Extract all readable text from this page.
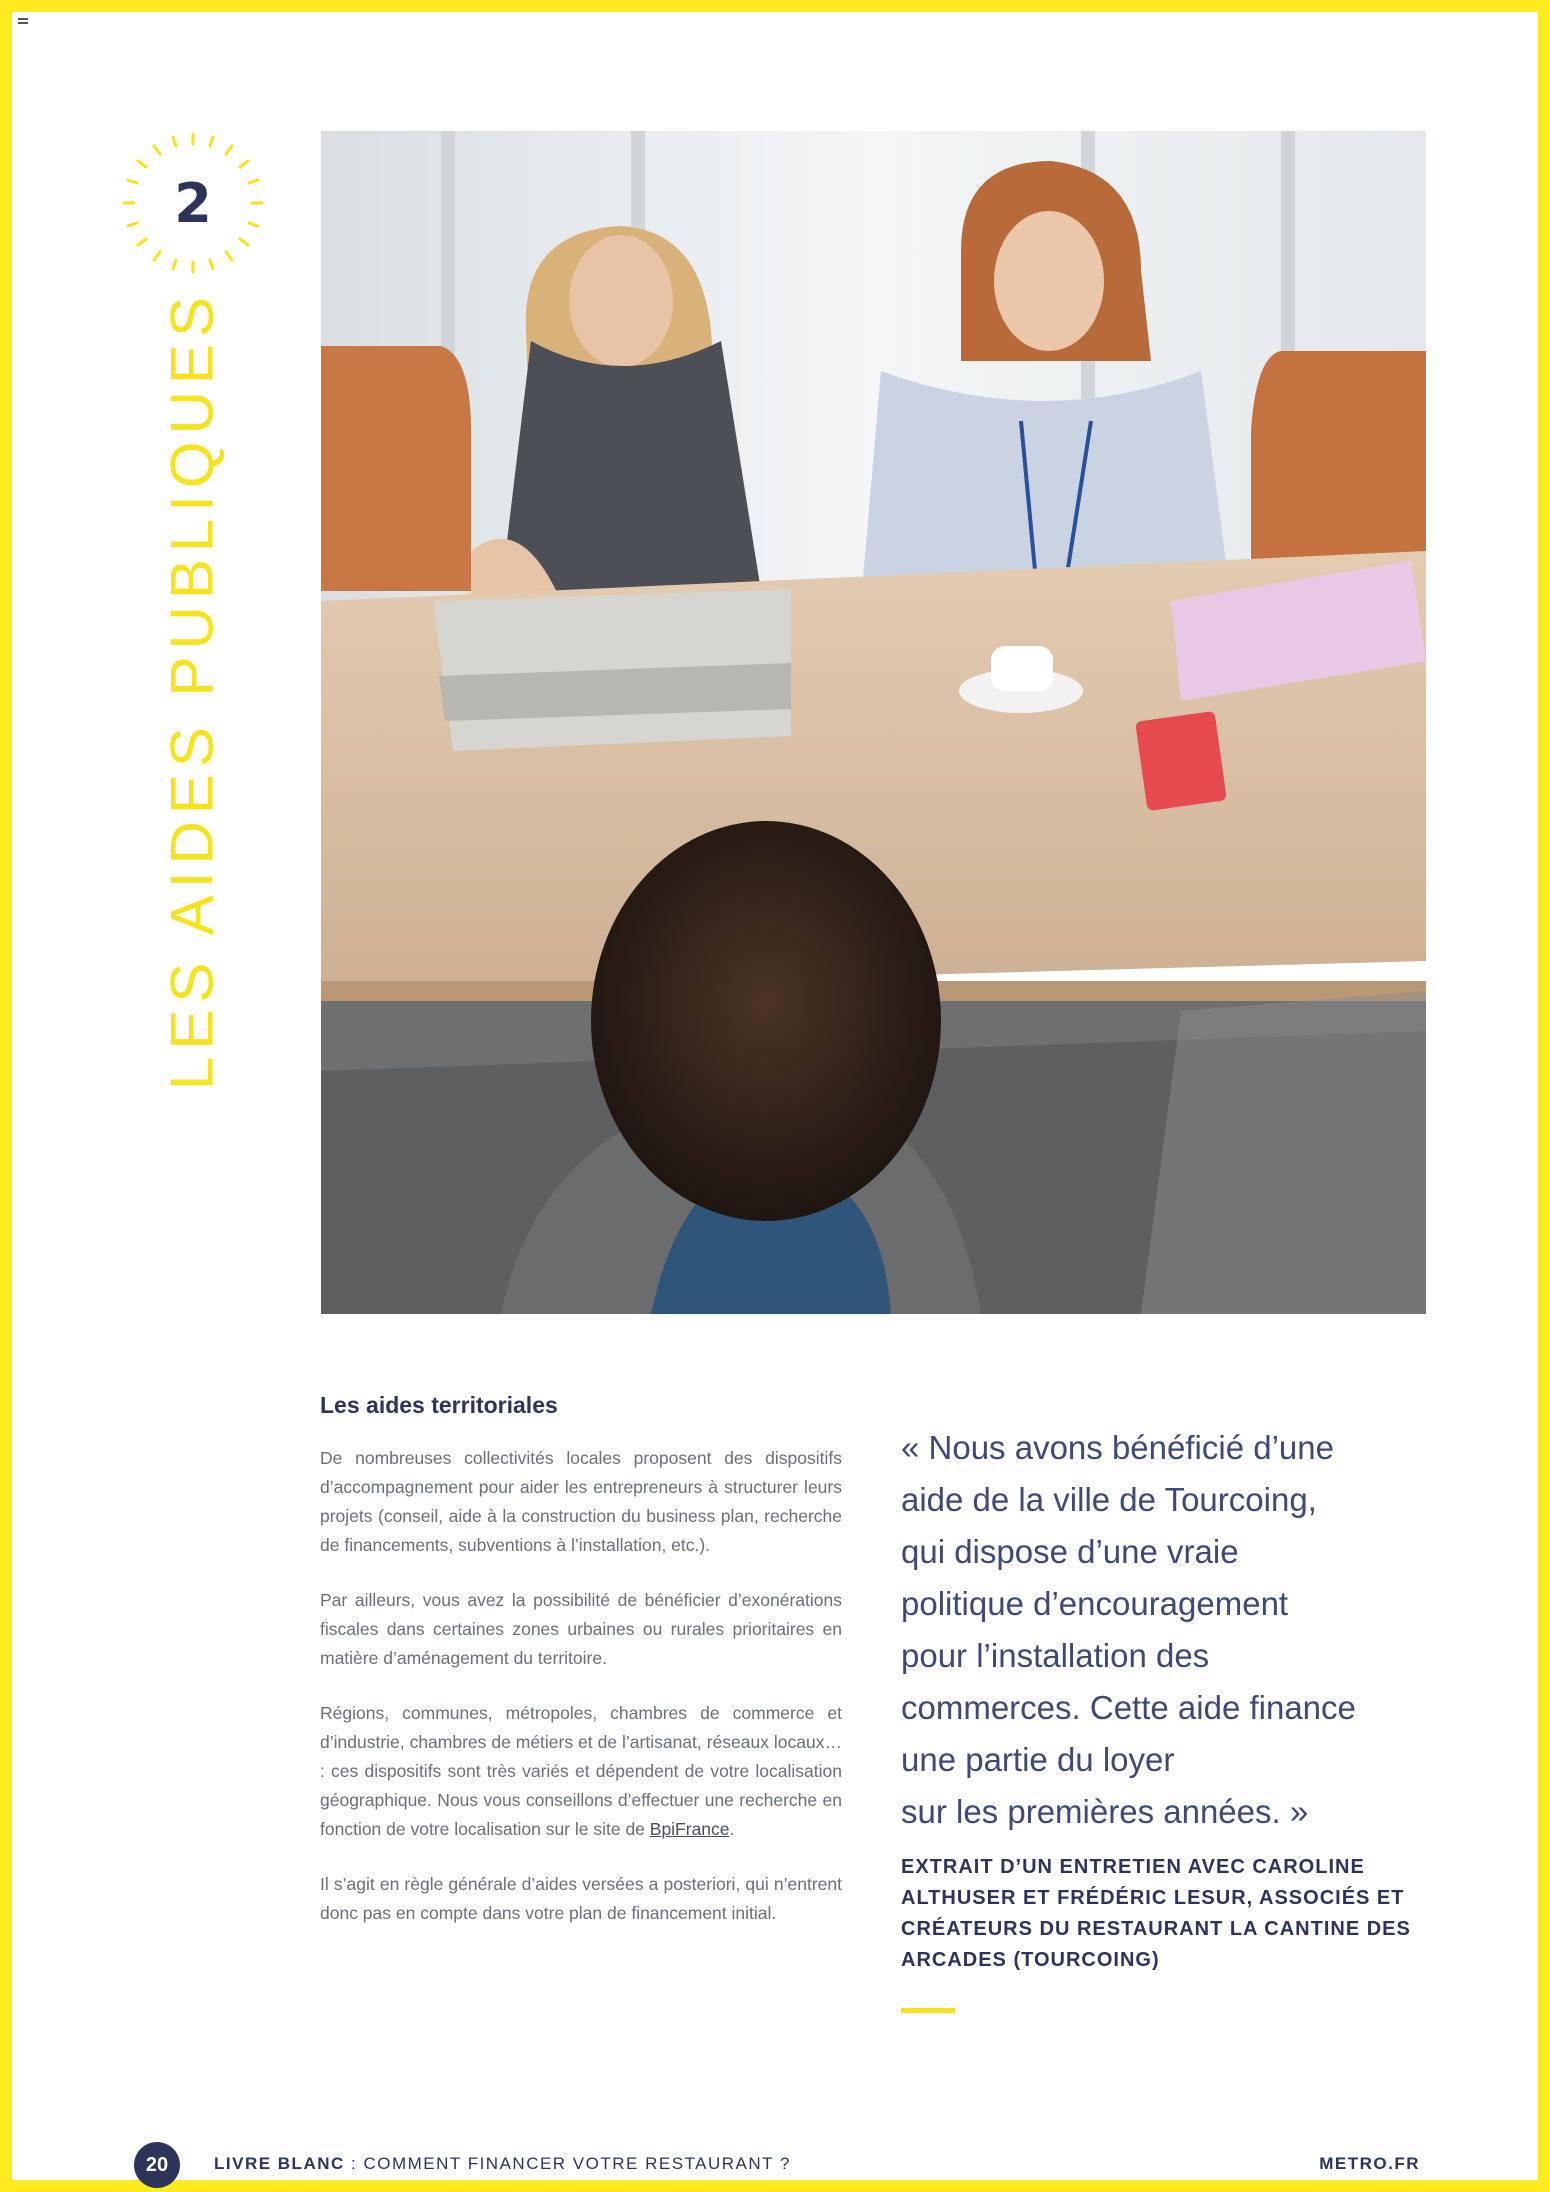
2
LES AIDES PUBLIQUES
Les aides territoriales

De nombreuses collectivités locales proposent des dispositifs d’accompagnement pour aider les entrepreneurs à structurer leurs projets (conseil, aide à la construction du business plan, recherche de financements, subventions à l’installation, etc.).

Par ailleurs, vous avez la possibilité de bénéficier d’exonérations fiscales dans certaines zones urbaines ou rurales prioritaires en matière d’aménagement du territoire.

Régions, communes, métropoles, chambres de commerce et d’industrie, chambres de métiers et de l’artisanat, réseaux locaux… : ces dispositifs sont très variés et dépendent de votre localisation géographique. Nous vous conseillons d’effectuer une recherche en fonction de votre localisation sur le site de BpiFrance.

Il s’agit en règle générale d’aides versées a posteriori, qui n’entrent donc pas en compte dans votre plan de financement initial.

« Nous avons bénéficié d’une
aide de la ville de Tourcoing,
qui dispose d’une vraie
politique d’encouragement
pour l’installation des
commerces. Cette aide finance
une partie du loyer
sur les premières années. »

EXTRAIT D’UN ENTRETIEN AVEC CAROLINE ALTHUSER ET FRÉDÉRIC LESUR, ASSOCIÉS ET CRÉATEURS DU RESTAURANT LA CANTINE DES ARCADES (TOURCOING)
20	LIVRE BLANC : COMMENT FINANCER VOTRE RESTAURANT ?	METRO.FR
